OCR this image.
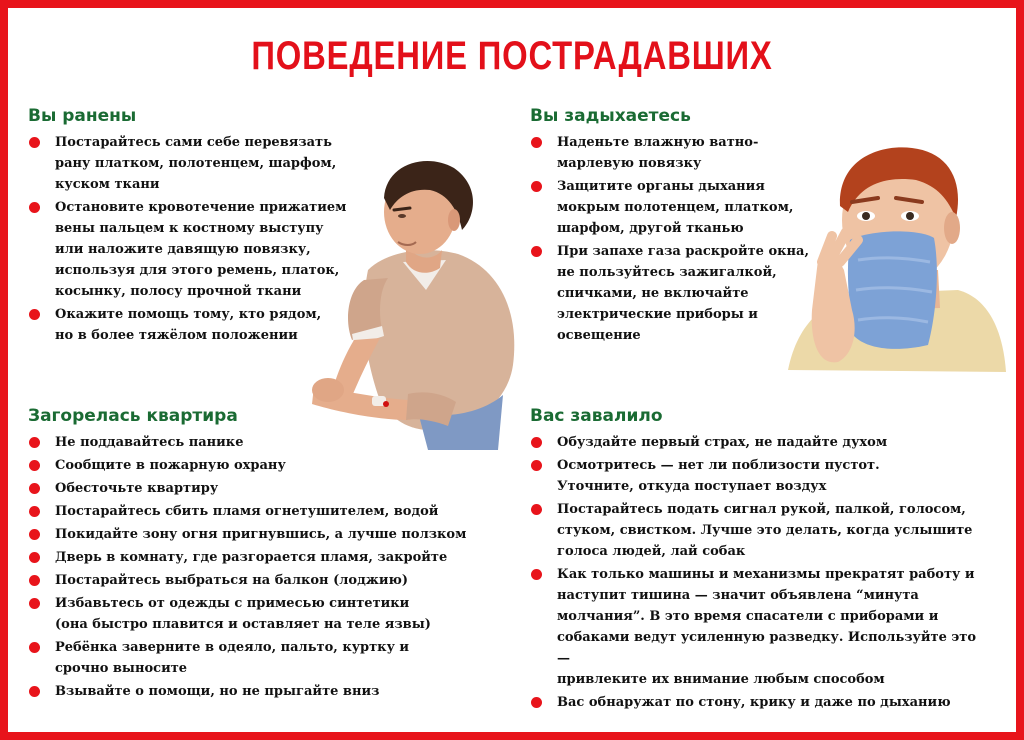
ПОВЕДЕНИЕ ПОСТРАДАВШИХ
Вы ранены
Постарайтесь сами себе перевязать
рану платком, полотенцем, шарфом,
куском ткани
Остановите кровотечение прижатием
вены пальцем к костному выступу
или наложите давящую повязку,
используя для этого ремень, платок,
косынку, полосу прочной ткани
Окажите помощь тому, кто рядом,
но в более тяжёлом положении
Загорелась квартира
Не поддавайтесь панике
Сообщите в пожарную охрану
Обесточьте квартиру
Постарайтесь сбить пламя огнетушителем, водой
Покидайте зону огня пригнувшись, а лучше ползком
Дверь в комнату, где разгорается пламя, закройте
Постарайтесь выбраться на балкон (лоджию)
Избавьтесь от одежды с примесью синтетики
(она быстро плавится и оставляет на теле язвы)
Ребёнка заверните в одеяло, пальто, куртку и
срочно выносите
Взывайте о помощи, но не прыгайте вниз
Вы задыхаетесь
Наденьте влажную ватно-
марлевую повязку
Защитите органы дыхания
мокрым полотенцем, платком,
шарфом, другой тканью
При запахе газа раскройте окна,
не пользуйтесь зажигалкой,
спичками, не включайте
электрические приборы и
освещение
Вас завалило
Обуздайте первый страх, не падайте духом
Осмотритесь — нет ли поблизости пустот.
Уточните, откуда поступает воздух
Постарайтесь подать сигнал рукой, палкой, голосом,
стуком, свистком. Лучше это делать, когда услышите
голоса людей, лай собак
Как только машины и механизмы прекратят работу и
наступит тишина — значит объявлена “минута
молчания”. В это время спасатели с приборами и
собаками ведут усиленную разведку. Используйте это —
привлеките их внимание любым способом
Вас обнаружат по стону, крику и даже по дыханию
